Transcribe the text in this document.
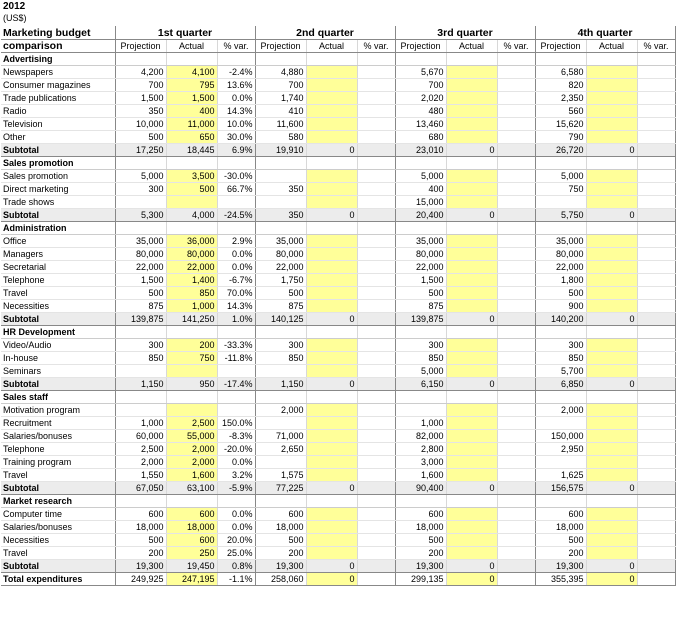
2012
(US$)
Marketing budget	1st quarter			2nd quarter			3rd quarter			4th quarter		
comparison	Projection	Actual	% var.	Projection	Actual	% var.	Projection	Actual	% var.	Projection	Actual	% var.
Advertising												
Newspapers	4,200	4,100	-2.4%	4,880			5,670			6,580		
Consumer magazines	700	795	13.6%	700			700			820		
Trade publications	1,500	1,500	0.0%	1,740			2,020			2,350		
Radio	350	400	14.3%	410			480			560		
Television	10,000	11,000	10.0%	11,600			13,460			15,620		
Other	500	650	30.0%	580			680			790		
Subtotal	17,250	18,445	6.9%	19,910	0		23,010	0		26,720	0	
Sales promotion												
Sales promotion	5,000	3,500	-30.0%				5,000			5,000		
Direct marketing	300	500	66.7%	350			400			750		
Trade shows							15,000					
Subtotal	5,300	4,000	-24.5%	350	0		20,400	0		5,750	0	
Administration												
Office	35,000	36,000	2.9%	35,000			35,000			35,000		
Managers	80,000	80,000	0.0%	80,000			80,000			80,000		
Secretarial	22,000	22,000	0.0%	22,000			22,000			22,000		
Telephone	1,500	1,400	-6.7%	1,750			1,500			1,800		
Travel	500	850	70.0%	500			500			500		
Necessities	875	1,000	14.3%	875			875			900		
Subtotal	139,875	141,250	1.0%	140,125	0		139,875	0		140,200	0	
HR Development												
Video/Audio	300	200	-33.3%	300			300			300		
In-house	850	750	-11.8%	850			850			850		
Seminars							5,000			5,700		
Subtotal	1,150	950	-17.4%	1,150	0		6,150	0		6,850	0	
Sales staff												
Motivation program				2,000						2,000		
Recruitment	1,000	2,500	150.0%				1,000					
Salaries/bonuses	60,000	55,000	-8.3%	71,000			82,000			150,000		
Telephone	2,500	2,000	-20.0%	2,650			2,800			2,950		
Training program	2,000	2,000	0.0%				3,000					
Travel	1,550	1,600	3.2%	1,575			1,600			1,625		
Subtotal	67,050	63,100	-5.9%	77,225	0		90,400	0		156,575	0	
Market research												
Computer time	600	600	0.0%	600			600			600		
Salaries/bonuses	18,000	18,000	0.0%	18,000			18,000			18,000		
Necessities	500	600	20.0%	500			500			500		
Travel	200	250	25.0%	200			200			200		
Subtotal	19,300	19,450	0.8%	19,300	0		19,300	0		19,300	0	
Total expenditures	249,925	247,195	-1.1%	258,060	0		299,135	0		355,395	0	
